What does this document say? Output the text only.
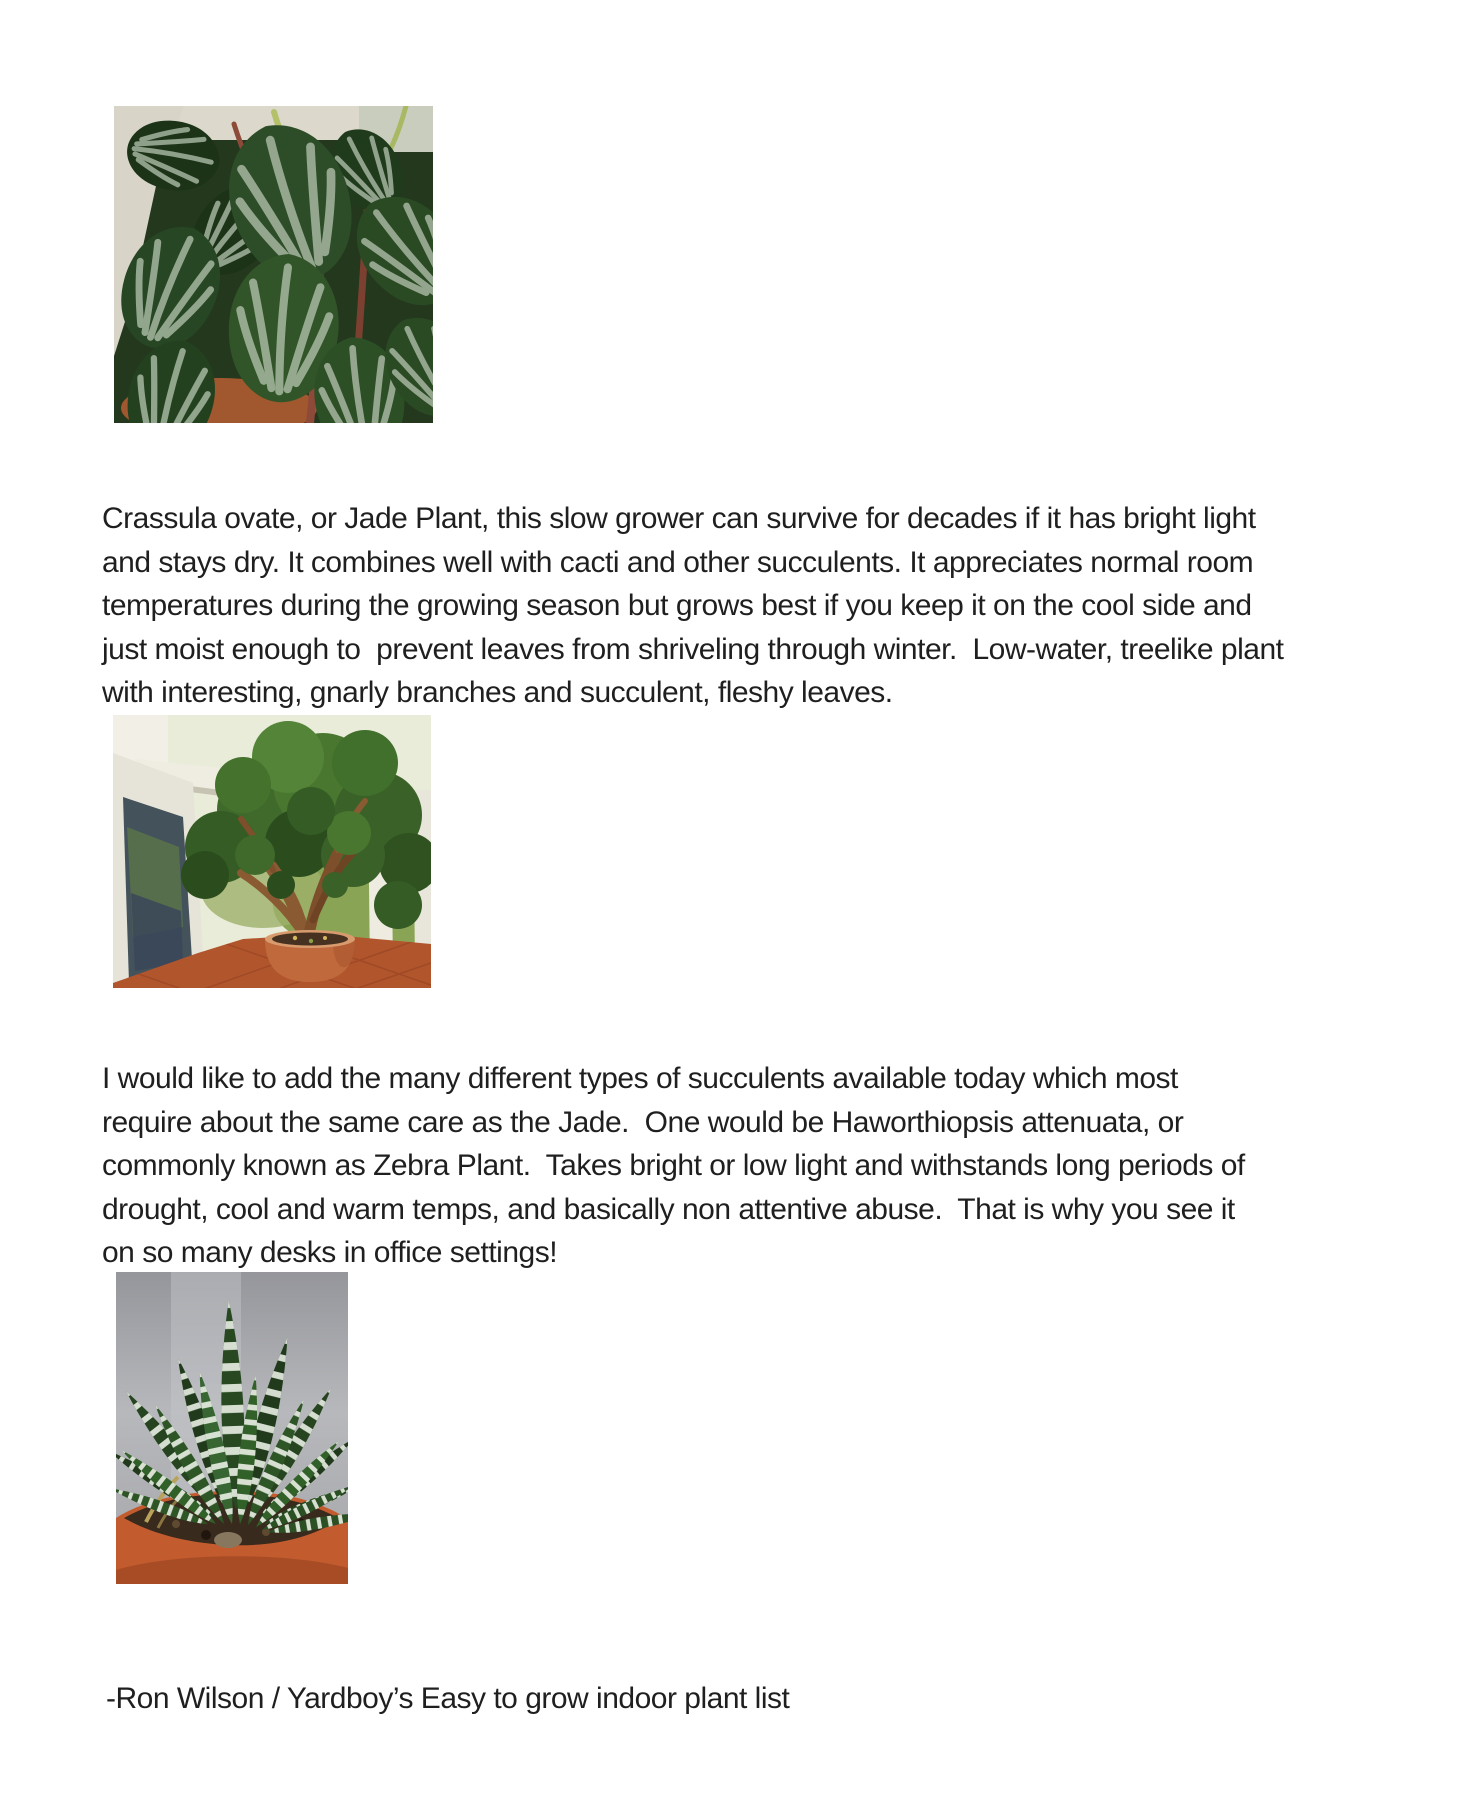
Crassula ovate, or Jade Plant, this slow grower can survive for decades if it has bright light
and stays dry. It combines well with cacti and other succulents. It appreciates normal room
temperatures during the growing season but grows best if you keep it on the cool side and
just moist enough to  prevent leaves from shriveling through winter.  Low-water, treelike plant
with interesting, gnarly branches and succulent, fleshy leaves.

I would like to add the many different types of succulents available today which most
require about the same care as the Jade.  One would be Haworthiopsis attenuata, or
commonly known as Zebra Plant.  Takes bright or low light and withstands long periods of
drought, cool and warm temps, and basically non attentive abuse.  That is why you see it
on so many desks in office settings!

-Ron Wilson / Yardboy’s Easy to grow indoor plant list
